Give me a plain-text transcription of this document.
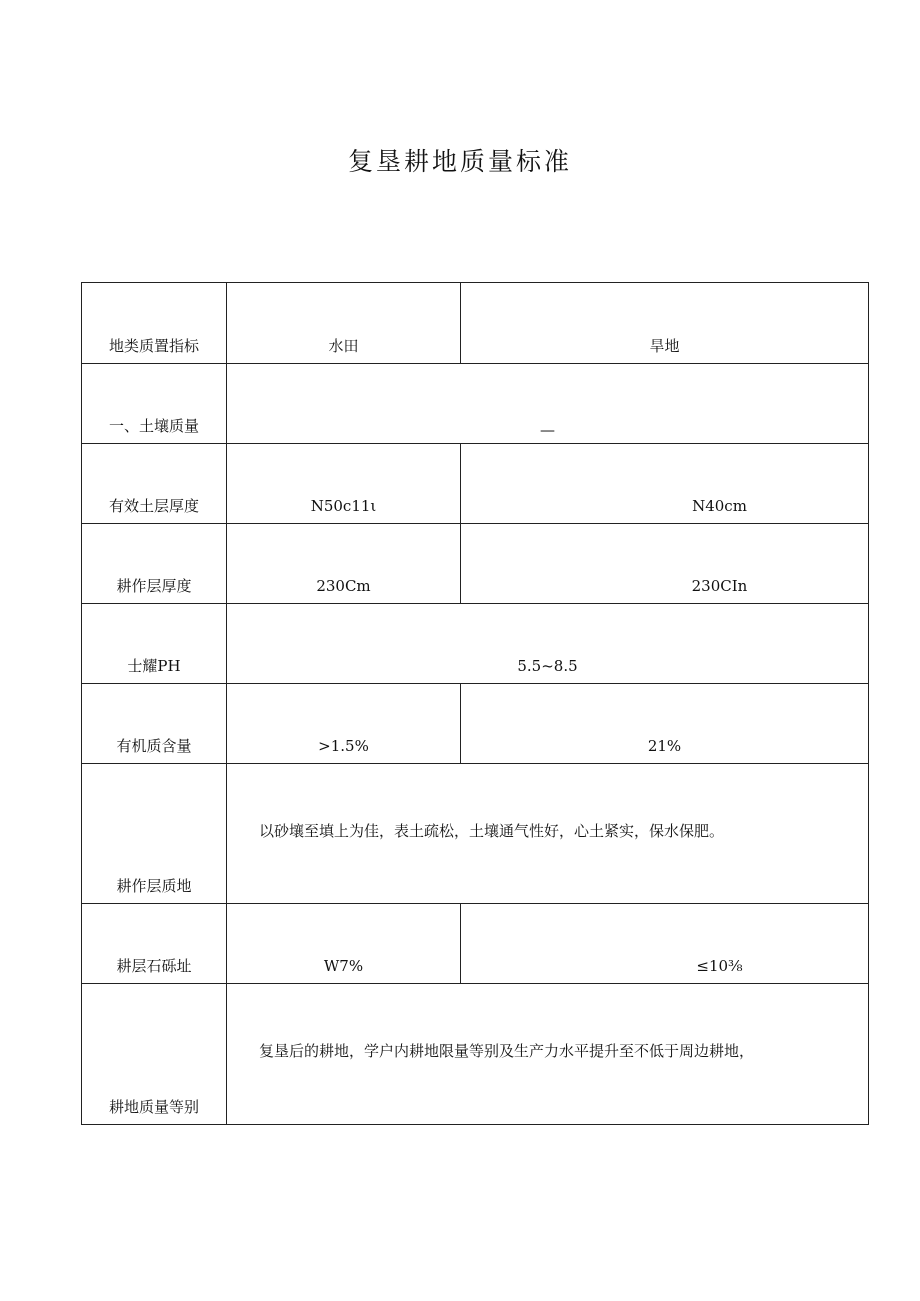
复垦耕地质量标准
地类质置指标	水田	旱地
一、土壤质量	—	
有效土层厚度	N50c11ι	N40cm
耕作层厚度	230Cm	230CIn
士耀PH	5.5~8.5	
有机质含量	>1.5%	21%
耕作层质地	以砂壤至填上为佳，表土疏松，土壤通气性好，心土紧实，保水保肥。	

耕层石砾址	W7%	≤10⅜
耕地质量等别	复垦后的耕地，学户内耕地限量等别及生产力水平提升至不低于周边耕地，	
